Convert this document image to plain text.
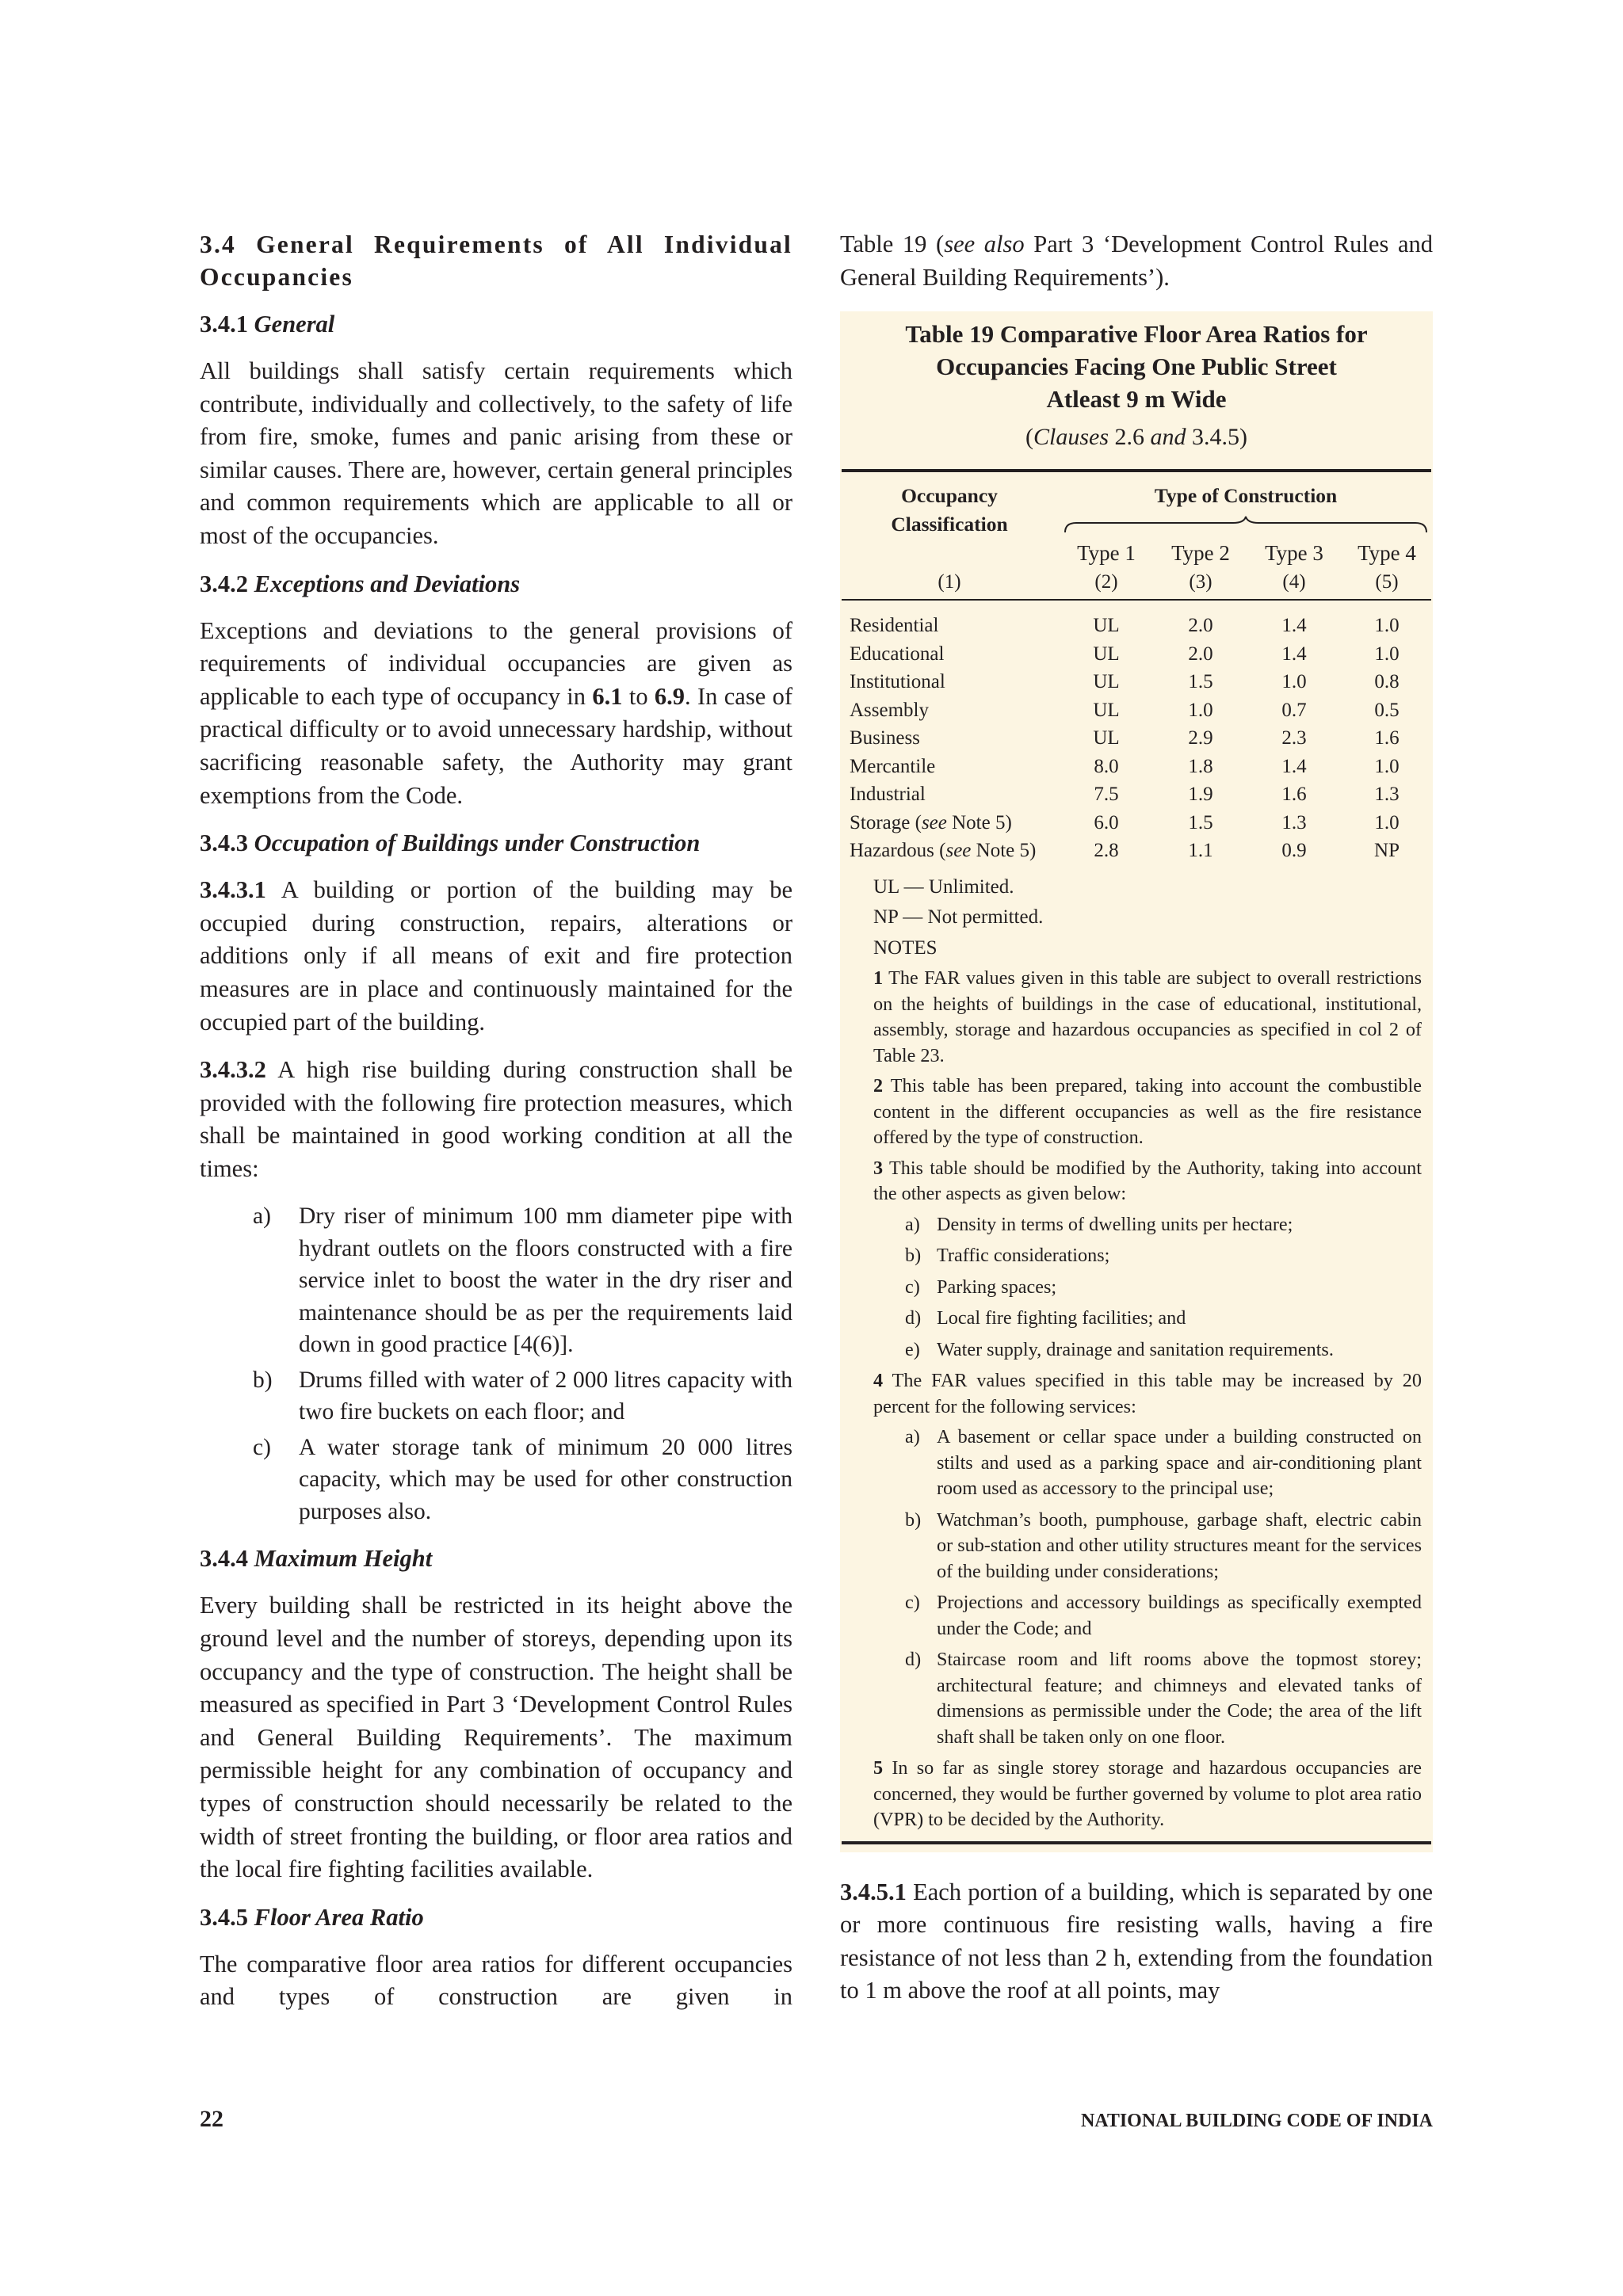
3.4 General Requirements of All Individual Occupancies
3.4.1 General

All buildings shall satisfy certain requirements which contribute, individually and collectively, to the safety of life from fire, smoke, fumes and panic arising from these or similar causes. There are, however, certain general principles and common requirements which are applicable to all or most of the occupancies.

3.4.2 Exceptions and Deviations

Exceptions and deviations to the general provisions of requirements of individual occupancies are given as applicable to each type of occupancy in 6.1 to 6.9. In case of practical difficulty or to avoid unnecessary hardship, without sacrificing reasonable safety, the Authority may grant exemptions from the Code.

3.4.3 Occupation of Buildings under Construction

3.4.3.1 A building or portion of the building may be occupied during construction, repairs, alterations or additions only if all means of exit and fire protection measures are in place and continuously maintained for the occupied part of the building.

3.4.3.2 A high rise building during construction shall be provided with the following fire protection measures, which shall be maintained in good working condition at all the times:

a)	Dry riser of minimum 100 mm diameter pipe with hydrant outlets on the floors constructed with a fire service inlet to boost the water in the dry riser and maintenance should be as per the requirements laid down in good practice [4(6)].
b)	Drums filled with water of 2 000 litres capacity with two fire buckets on each floor; and
c)	A water storage tank of minimum 20 000 litres capacity, which may be used for other construction purposes also.
3.4.4 Maximum Height

Every building shall be restricted in its height above the ground level and the number of storeys, depending upon its occupancy and the type of construction. The height shall be measured as specified in Part 3 ‘Development Control Rules and General Building Requirements’. The maximum permissible height for any combination of occupancy and types of construction should necessarily be related to the width of street fronting the building, or floor area ratios and the local fire fighting facilities available.

3.4.5 Floor Area Ratio

The comparative floor area ratios for different occupancies and types of construction are given in

Table 19 (see also Part 3 ‘Development Control Rules and General Building Requirements’).

Table 19 Comparative Floor Area Ratios for
Occupancies Facing One Public Street
Atleast 9 m Wide
(Clauses 2.6 and 3.4.5)
Occupancy
Classification	Type of Construction			

	Type 1	Type 2	Type 3	Type 4
(1)	(2)	(3)	(4)	(5)

Residential	UL	2.0	1.4	1.0
Educational	UL	2.0	1.4	1.0
Institutional	UL	1.5	1.0	0.8
Assembly	UL	1.0	0.7	0.5
Business	UL	2.9	2.3	1.6
Mercantile	8.0	1.8	1.4	1.0
Industrial	7.5	1.9	1.6	1.3
Storage (see Note 5)	6.0	1.5	1.3	1.0
Hazardous (see Note 5)	2.8	1.1	0.9	NP
UL — Unlimited.
NP — Not permitted.
NOTES
1 The FAR values given in this table are subject to overall restrictions on the heights of buildings in the case of educational, institutional, assembly, storage and hazardous occupancies as specified in col 2 of Table 23.
2 This table has been prepared, taking into account the combustible content in the different occupancies as well as the fire resistance offered by the type of construction.
3 This table should be modified by the Authority, taking into account the other aspects as given below:
a) Density in terms of dwelling units per hectare;
b) Traffic considerations;
c) Parking spaces;
d) Local fire fighting facilities; and
e) Water supply, drainage and sanitation requirements.
4 The FAR values specified in this table may be increased by 20 percent for the following services:
a) A basement or cellar space under a building constructed on stilts and used as a parking space and air-conditioning plant room used as accessory to the principal use;
b) Watchman’s booth, pumphouse, garbage shaft, electric cabin or sub-station and other utility structures meant for the services of the building under considerations;
c) Projections and accessory buildings as specifically exempted under the Code; and
d) Staircase room and lift rooms above the topmost storey; architectural feature; and chimneys and elevated tanks of dimensions as permissible under the Code; the area of the lift shaft shall be taken only on one floor.
5 In so far as single storey storage and hazardous occupancies are concerned, they would be further governed by volume to plot area ratio (VPR) to be decided by the Authority.

3.4.5.1 Each portion of a building, which is separated by one or more continuous fire resisting walls, having a fire resistance of not less than 2 h, extending from the foundation to 1 m above the roof at all points, may

22	NATIONAL BUILDING CODE OF INDIA
